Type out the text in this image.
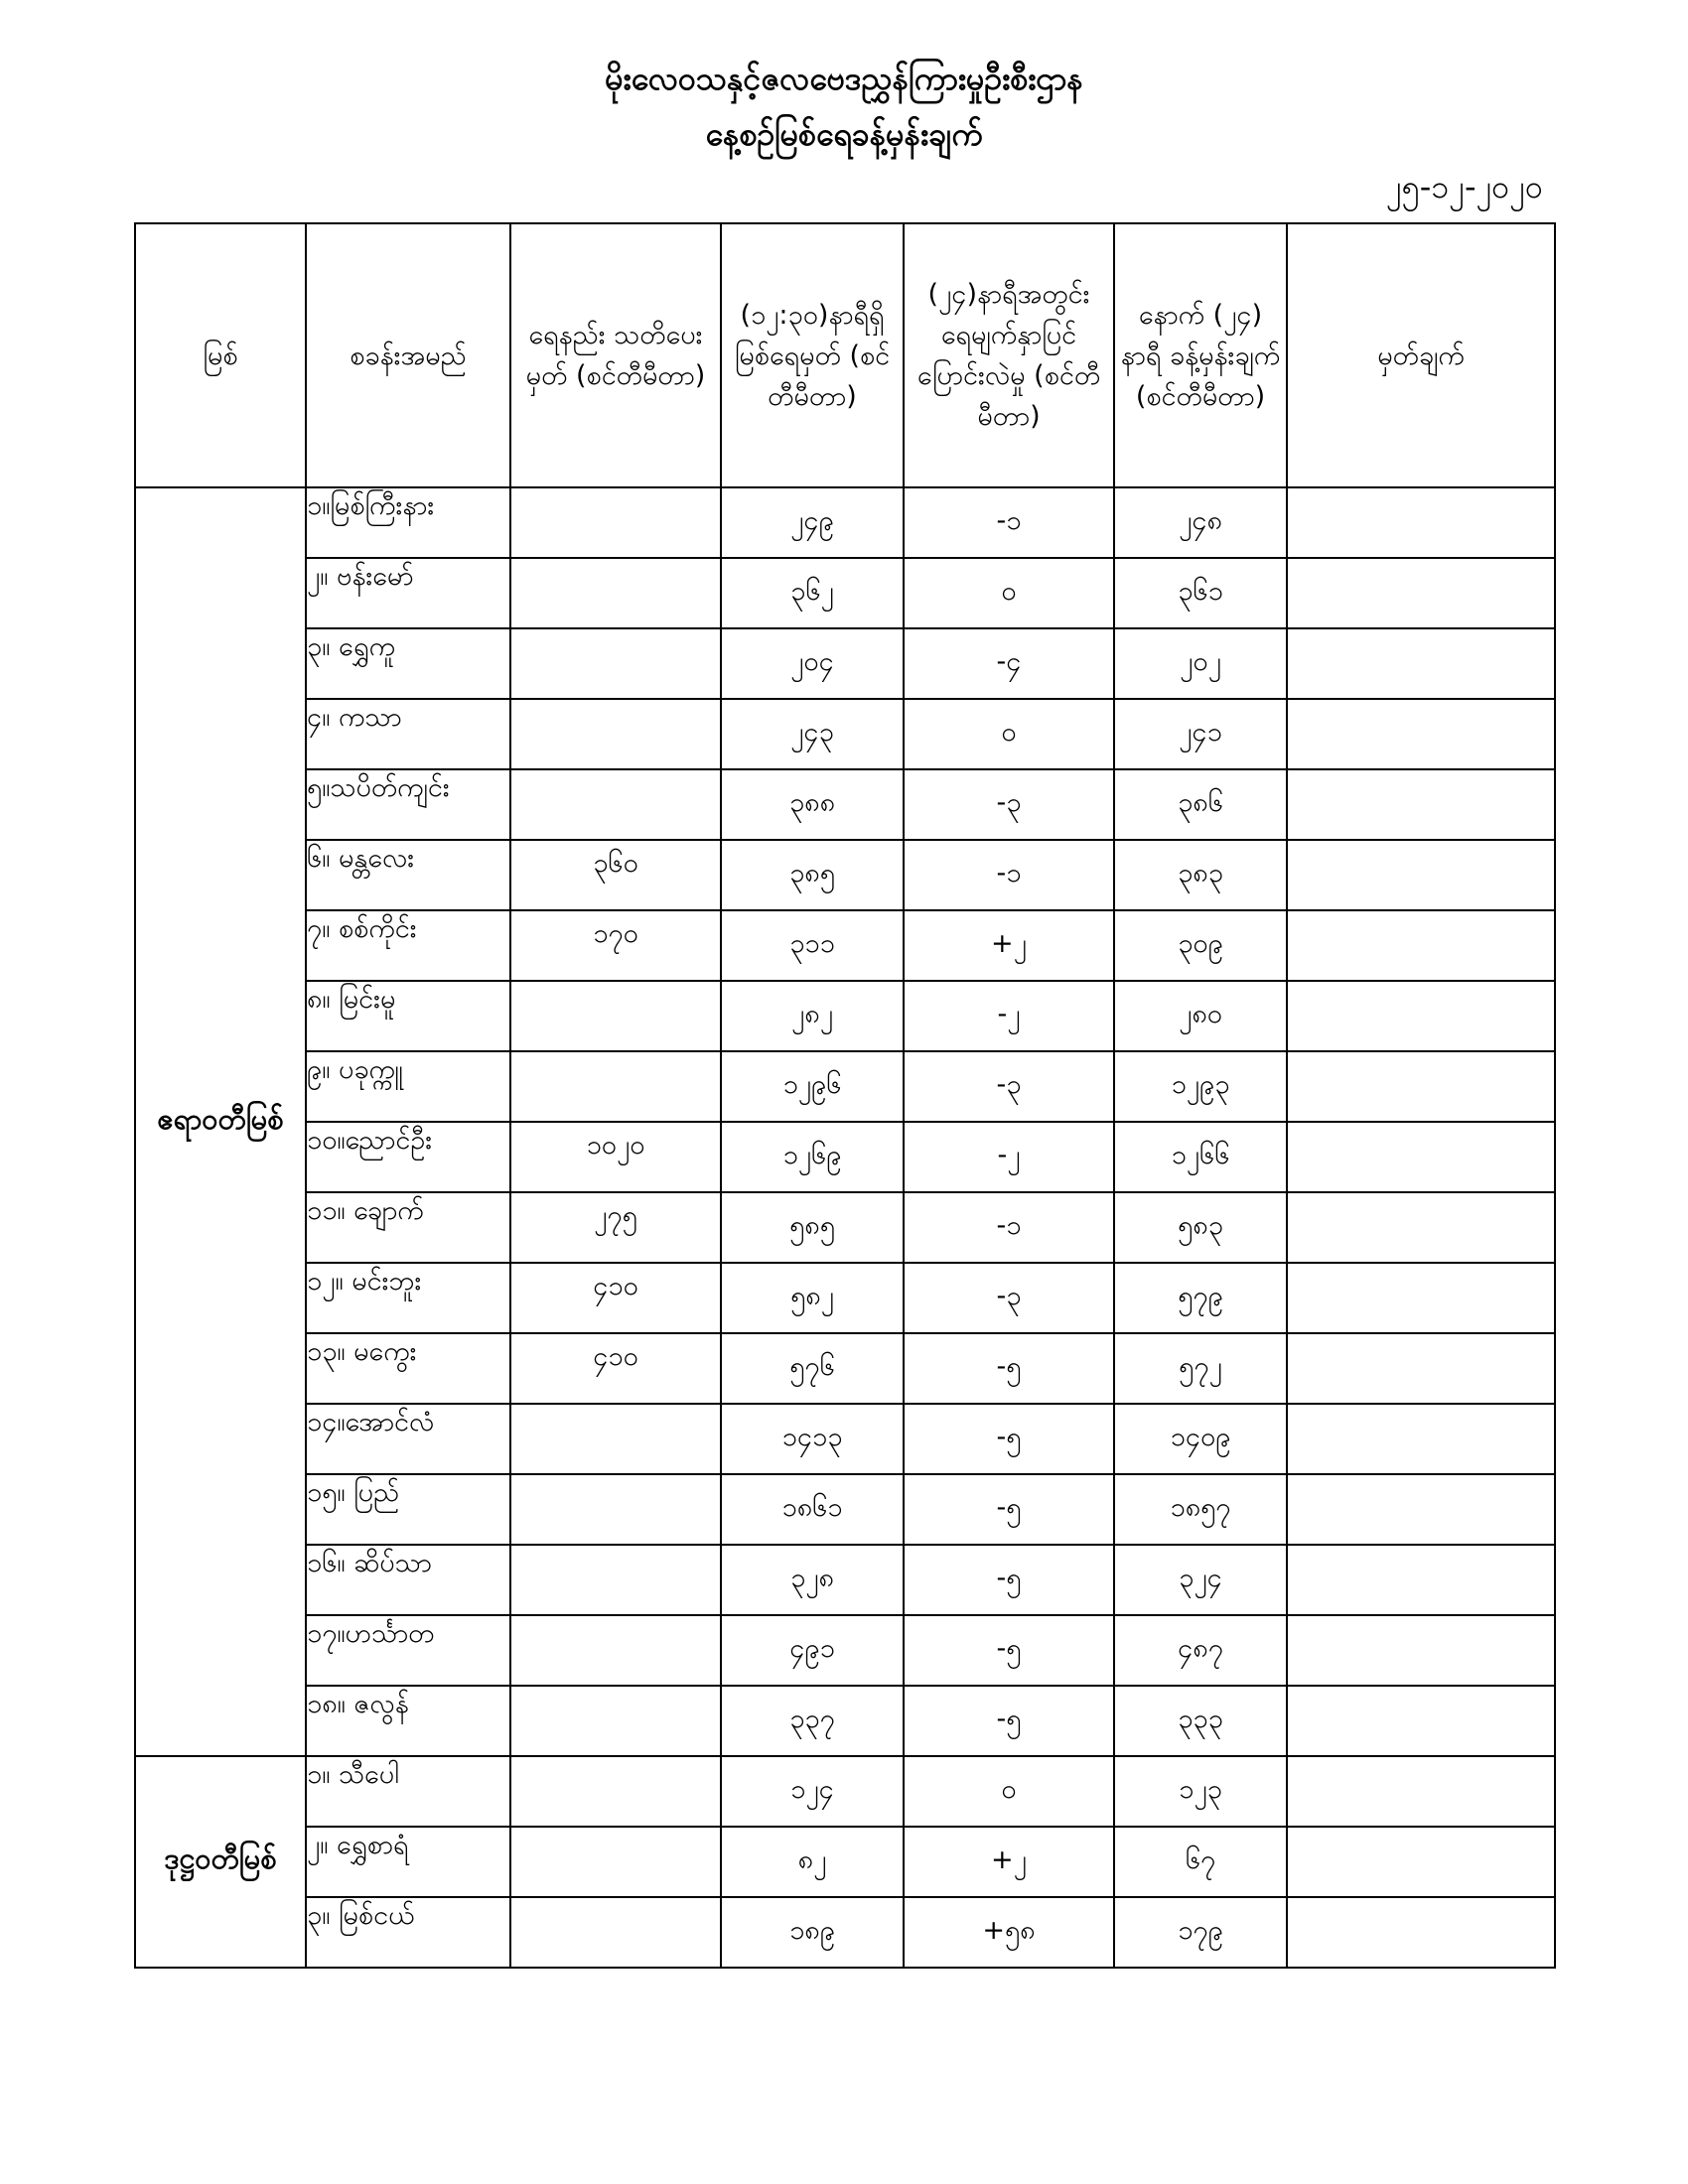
မိုးလေဝသနှင့်ဇလဗေဒညွှန်ကြားမှုဦးစီးဌာန
နေ့စဉ်မြစ်ရေခန့်မှန်းချက်
၂၅-၁၂-၂၀၂၀
မြစ်	စခန်းအမည်	ရေနည်း သတိပေးမှတ် (စင်တီမီတာ)	(၁၂:၃၀)နာရီရှိ မြစ်ရေမှတ် (စင်တီမီတာ)	(၂၄)နာရီအတွင်း ရေမျက်နှာပြင် ပြောင်းလဲမှု (စင်တီမီတာ)	နောက် (၂၄) နာရီ ခန့်မှန်းချက် (စင်တီမီတာ)	မှတ်ချက်
ဧရာဝတီမြစ်	၁။မြစ်ကြီးနား		၂၄၉	-၁	၂၄၈	
	၂။ ဗန်းမော်		၃၆၂	၀	၃၆၁	
	၃။ ရွှေကူ		၂၀၄	-၄	၂၀၂	
	၄။ ကသာ		၂၄၃	၀	၂၄၁	
	၅။သပိတ်ကျင်း		၃၈၈	-၃	၃၈၆	
	၆။ မန္တလေး	၃၆၀	၃၈၅	-၁	၃၈၃	
	၇။ စစ်ကိုင်း	၁၇၀	၃၁၁	+၂	၃၀၉	
	၈။ မြင်းမူ		၂၈၂	-၂	၂၈၀	
	၉။ ပခုက္ကူ		၁၂၉၆	-၃	၁၂၉၃	
	၁၀။ညောင်ဦး	၁၀၂၀	၁၂၆၉	-၂	၁၂၆၆	
	၁၁။ ချောက်	၂၇၅	၅၈၅	-၁	၅၈၃	
	၁၂။ မင်းဘူး	၄၁၀	၅၈၂	-၃	၅၇၉	
	၁၃။ မကွေး	၄၁၀	၅၇၆	-၅	၅၇၂	
	၁၄။အောင်လံ		၁၄၁၃	-၅	၁၄၀၉	
	၁၅။ ပြည်		၁၈၆၁	-၅	၁၈၅၇	
	၁၆။ ဆိပ်သာ		၃၂၈	-၅	၃၂၄	
	၁၇။ဟင်္သာတ		၄၉၁	-၅	၄၈၇	
	၁၈။ ဇလွန်		၃၃၇	-၅	၃၃၃	
ဒုဋ္ဌဝတီမြစ်	၁။ သီပေါ		၁၂၄	၀	၁၂၃	
	၂။ ရွှေစာရံ		၈၂	+၂	၆၇	
	၃။ မြစ်ငယ်		၁၈၉	+၅၈	၁၇၉	
